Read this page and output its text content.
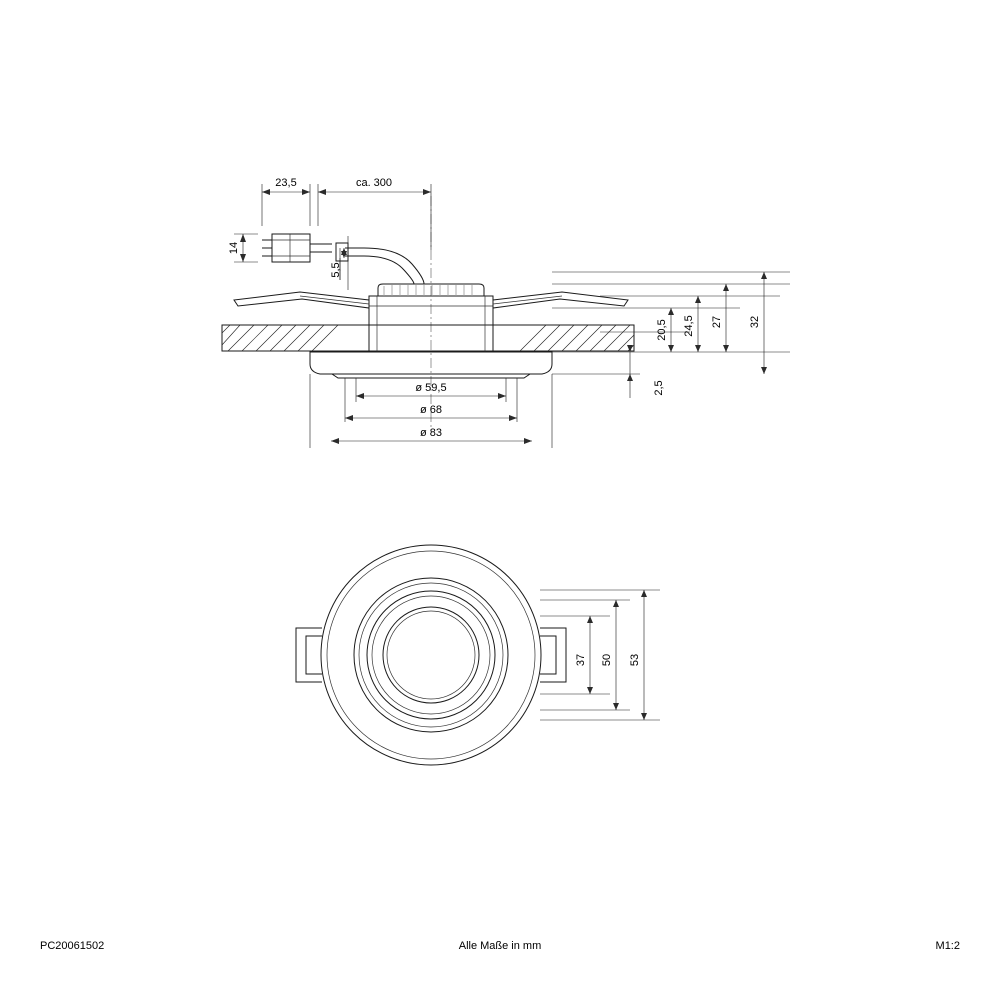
23,5	ca. 300
14
5,5
20,5 24,5 27 32
2,5
ø 59,5
ø 68
ø 83
37 50 53
PC20061502	Alle Maße in mm	M1:2
